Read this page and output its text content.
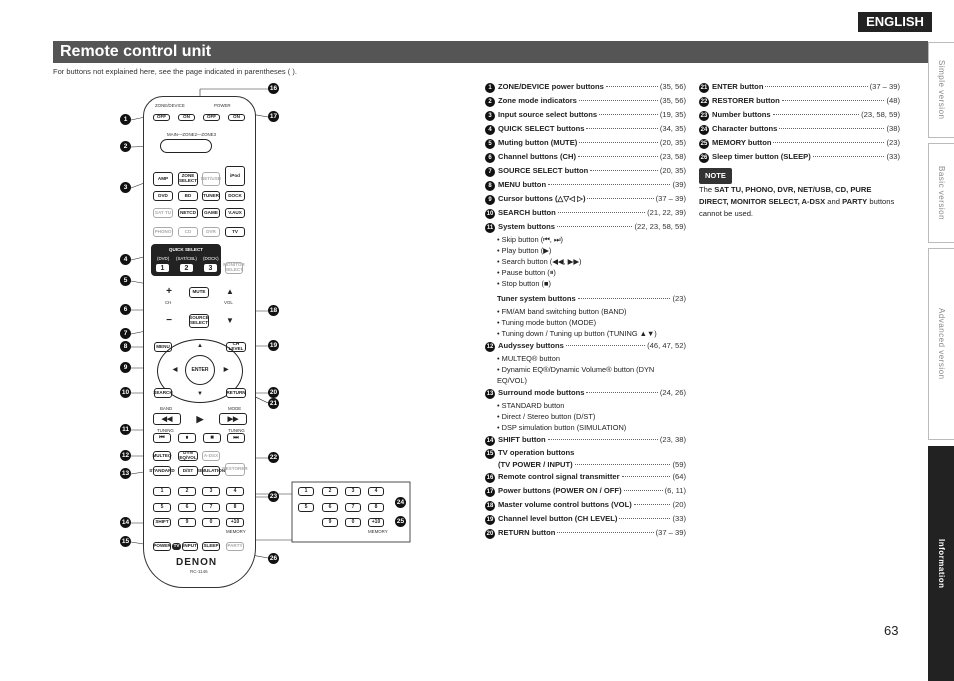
ENGLISH
Remote control unit
For buttons not explained here, see the page indicated in parentheses ( ).	Simple version
Basic version
Advanced version
Information
ZONE/DEVICE	POWER
OFF	ON	OFF	ON
MAIN—ZONE2—ZONE3
AMP	ZONE SELECT NET/USB
iPod
DVD	BD	TUNER DOCK
SAT TU NETCD GAME V.AUX
PHONO	CD	DVR	TV
QUICK SELECT
(DVD) (SAT/CBL) (DOCK)
1	2	3 MONITOR SELECT
CH
+
−
MUTE
SOURCE SELECT
VOL
▲
▼
MENU	CH LEVEL
▲
▼
◀	▶
ENTER
SEARCH	RETURN
BAND	MODE
◀◀	▶	▶▶
TUNING	TUNING
⏮	⏸	■	⏭
MULTEQ	DYN EQ/VOL A-DSX
STANDARD D/ST SIMULATION
RESTORER
1	2	3	4
5	6	7	8
SHIFT	9	0	+10
MEMORY
POWER TV INPUT SLEEP PARTY
DENON
RC-1146
1	2	3	4
5	6	7	8
9	0	+10
MEMORY
1
2
3
4
5
6
7
8
9
10
11
12
13
14
15
16
17
18
19
20
21
22
23
24
25
26
1 ZONE/DEVICE power buttons	(35, 56)
2 Zone mode indicators	(35, 56)
3 Input source select buttons	(19, 35)
4 QUICK SELECT buttons	(34, 35)
5 Muting button (MUTE)	(20, 35)
6 Channel buttons (CH)	(23, 58)
7 SOURCE SELECT button	(20, 35)
8 MENU button	(39)
9 Cursor buttons (△▽◁ ▷)	(37 – 39)
10 SEARCH button	(21, 22, 39)
11 System buttons	(22, 23, 58, 59)
• Skip button (⏮, ⏭)
• Play button (▶)
• Search button (◀◀, ▶▶)
• Pause button (⏸)
• Stop button (■)
Tuner system buttons	(23)
• FM/AM band switching button (BAND)
• Tuning mode button (MODE)
• Tuning down / Tuning up button (TUNING ▲▼)
12 Audyssey buttons	(46, 47, 52)
• MULTEQ® button
• Dynamic EQ®/Dynamic Volume® button (DYN EQ/VOL)
13 Surround mode buttons	(24, 26)
• STANDARD button
• Direct / Stereo button (D/ST)
• DSP simulation button (SIMULATION)
14 SHIFT button	(23, 38)
15 TV operation buttons
(TV POWER / INPUT)	(59)
16 Remote control signal transmitter	(64)
17 Power buttons (POWER ON / OFF)	(6, 11)
18 Master volume control buttons (VOL)	(20)
19 Channel level button (CH LEVEL)	(33)
20 RETURN button	(37 – 39)
21 ENTER button	(37 – 39)
22 RESTORER button	(48)
23 Number buttons	(23, 58, 59)
24 Character buttons	(38)
25 MEMORY button	(23)
26 Sleep timer button (SLEEP)	(33)
NOTE
The SAT TU, PHONO, DVR, NET/USB, CD, PURE DIRECT, MONITOR SELECT, A-DSX and PARTY buttons cannot be used.
63
